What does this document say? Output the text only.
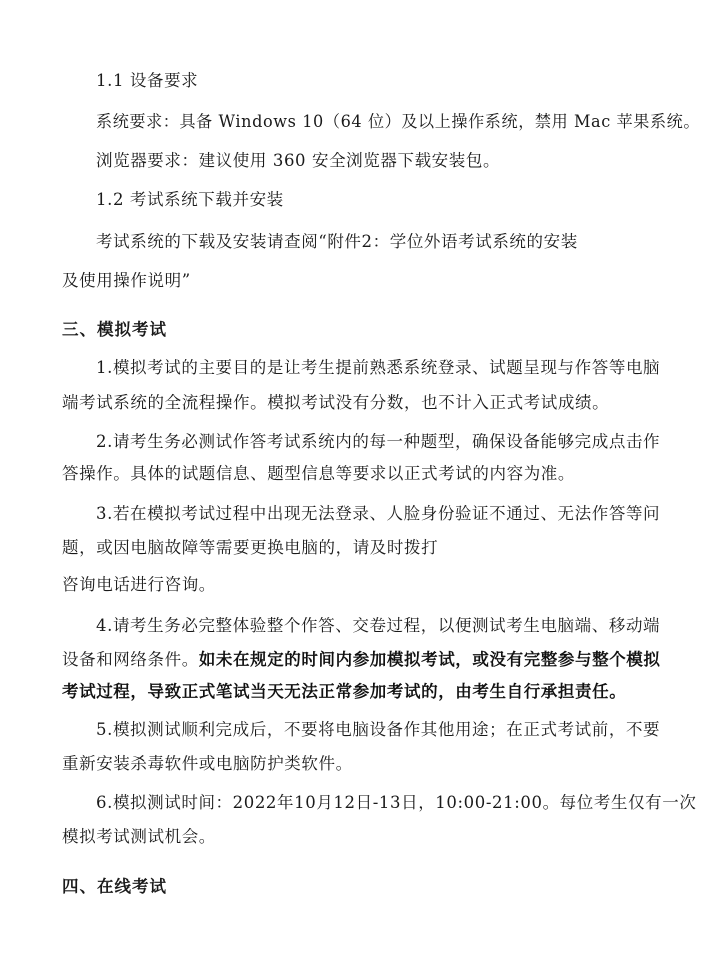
1.1 设备要求
系统要求：具备 Windows 10（64 位）及以上操作系统，禁用 Mac 苹果系统。
浏览器要求：建议使用 360 安全浏览器下载安装包。
1.2 考试系统下载并安装
考试系统的下载及安装请查阅“附件2：学位外语考试系统的安装
及使用操作说明”
三、模拟考试
1.模拟考试的主要目的是让考生提前熟悉系统登录、试题呈现与作答等电脑
端考试系统的全流程操作。模拟考试没有分数，也不计入正式考试成绩。
2.请考生务必测试作答考试系统内的每一种题型，确保设备能够完成点击作
答操作。具体的试题信息、题型信息等要求以正式考试的内容为准。
3.若在模拟考试过程中出现无法登录、人脸身份验证不通过、无法作答等问
题，或因电脑故障等需要更换电脑的，请及时拨打
咨询电话进行咨询。
4.请考生务必完整体验整个作答、交卷过程，以便测试考生电脑端、移动端
设备和网络条件。如未在规定的时间内参加模拟考试，或没有完整参与整个模拟
考试过程，导致正式笔试当天无法正常参加考试的，由考生自行承担责任。
5.模拟测试顺利完成后，不要将电脑设备作其他用途；在正式考试前，不要
重新安装杀毒软件或电脑防护类软件。
6.模拟测试时间：2022年10月12日-13日，10:00-21:00。每位考生仅有一次
模拟考试测试机会。
四、在线考试
